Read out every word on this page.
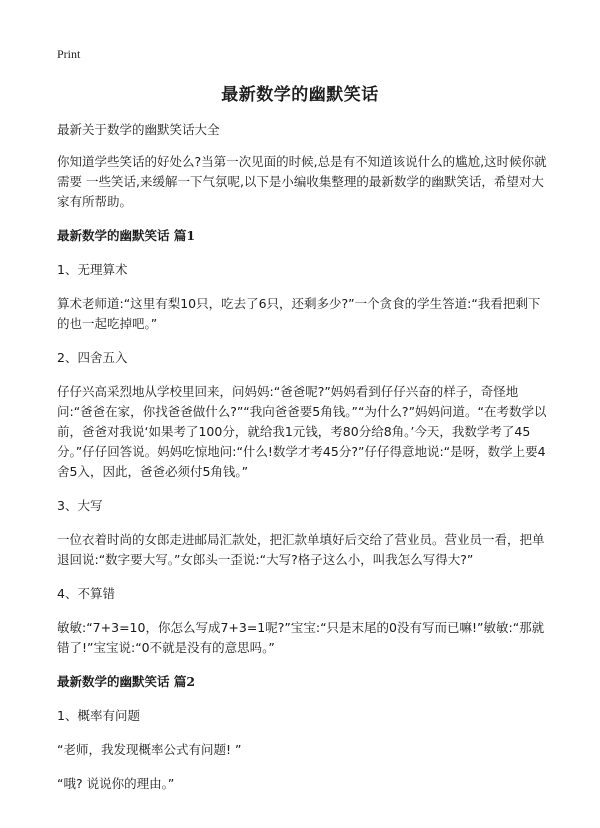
Print
最新数学的幽默笑话

最新关于数学的幽默笑话大全

你知道学些笑话的好处么?当第一次见面的时候,总是有不知道该说什么的尴尬,这时候你就需要 一些笑话,来缓解一下气氛呢,以下是小编收集整理的最新数学的幽默笑话，希望对大家有所帮助。

最新数学的幽默笑话 篇1
1、无理算术

算术老师道:“这里有梨10只，吃去了6只，还剩多少?”一个贪食的学生答道:“我看把剩下的也一起吃掉吧。”

2、四舍五入

仔仔兴高采烈地从学校里回来，问妈妈:“爸爸呢?”妈妈看到仔仔兴奋的样子，奇怪地问:“爸爸在家，你找爸爸做什么?”“我向爸爸要5角钱。”“为什么?”妈妈问道。“在考数学以前，爸爸对我说‘如果考了100分，就给我1元钱，考80分给8角。’今天，我数学考了45分。”仔仔回答说。妈妈吃惊地问:“什么!数学才考45分?”仔仔得意地说:“是呀，数学上要4舍5入，因此，爸爸必须付5角钱。”

3、大写

一位衣着时尚的女郎走进邮局汇款处，把汇款单填好后交给了营业员。营业员一看，把单退回说:“数字要大写。”女郎头一歪说:“大写?格子这么小，叫我怎么写得大?”

4、不算错

敏敏:“7+3=10，你怎么写成7+3=1呢?”宝宝:“只是末尾的0没有写而已嘛!”敏敏:“那就错了!”宝宝说:“0不就是没有的意思吗。”

最新数学的幽默笑话 篇2
1、概率有问题

“老师，我发现概率公式有问题! ”

“哦? 说说你的理由。”
